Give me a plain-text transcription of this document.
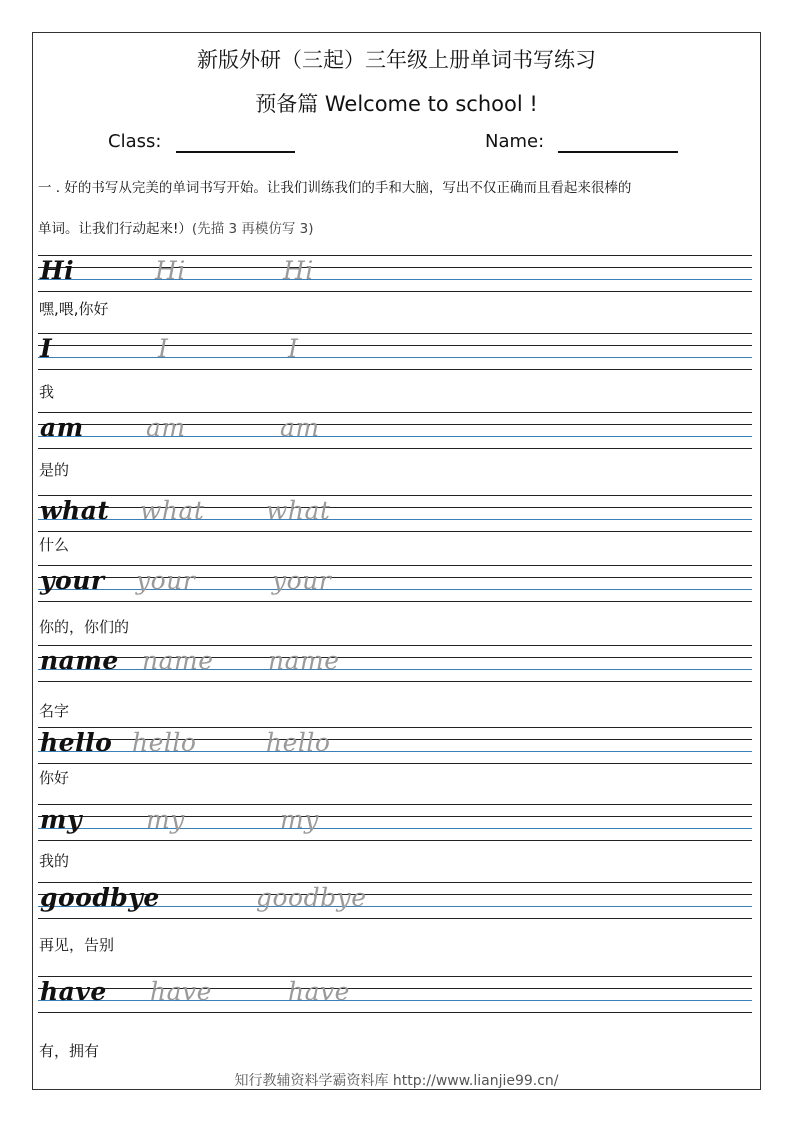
新版外研（三起）三年级上册单词书写练习
预备篇 Welcome to school !
Class:	Name:
一 . 好的书写从完美的单词书写开始。让我们训练我们的手和大脑，写出不仅正确而且看起来很棒的
单词。让我们行动起来!）(先描 3 再模仿写 3)
Hi	Hi	Hi
嘿,喂,你好
I	I	I
我
am am	am
是的
what what what
什么
your your	your
你的，你们的
name name name
名字
hello hello	hello
你好
my	my	my
我的
goodbye	goodbye
再见，告别
have have	have
有，拥有
知行教辅资料学霸资料库 http://www.lianjie99.cn/
